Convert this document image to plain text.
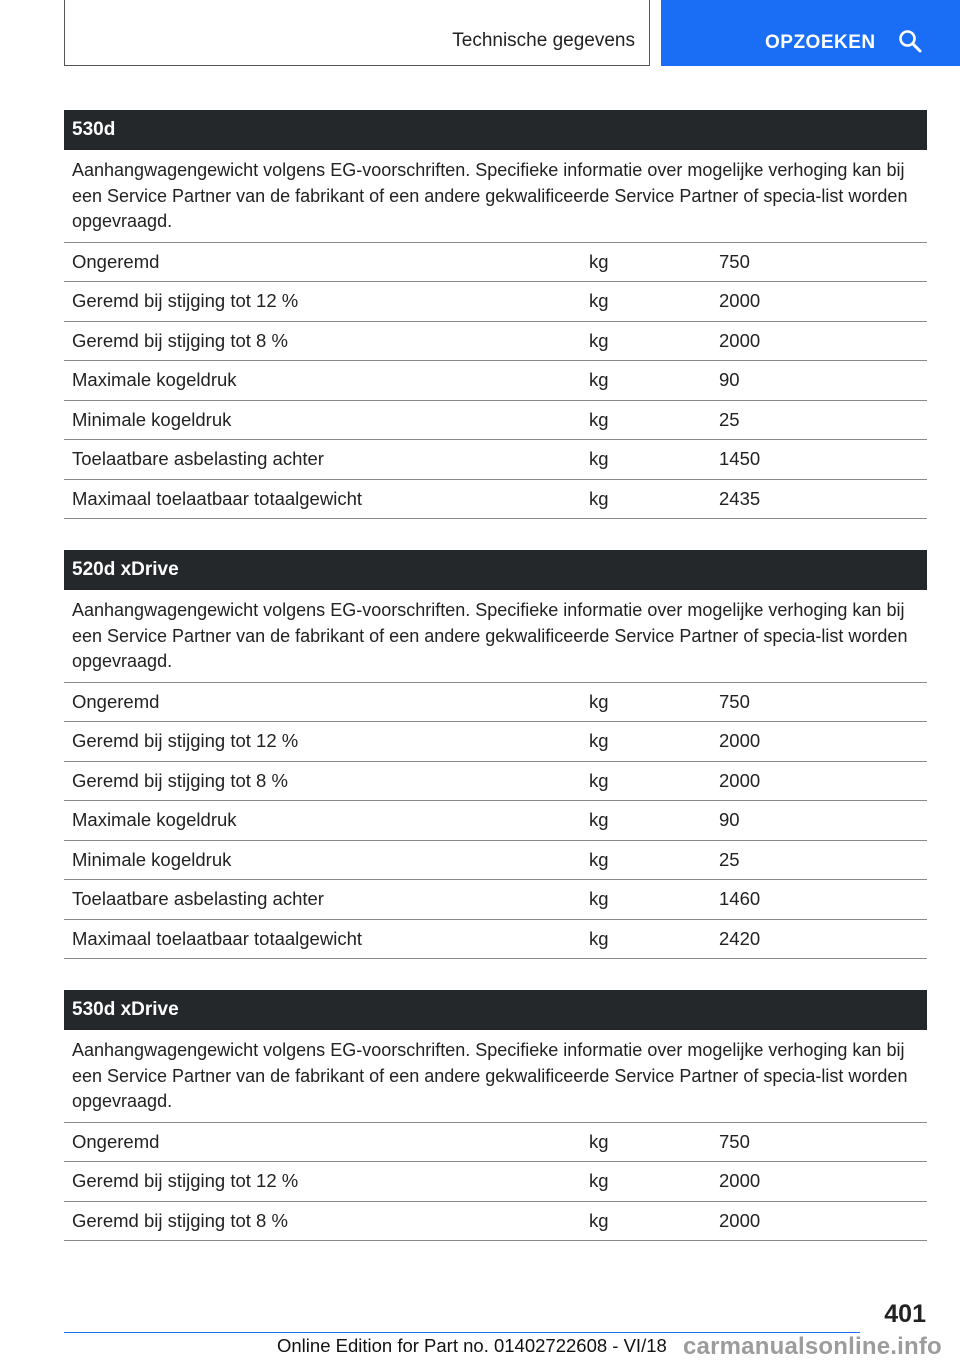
Technische gegevens	OPZOEKEN
530d
Aanhangwagengewicht volgens EG-voorschriften. Specifieke informatie over mogelijke verhoging kan bij een Service Partner van de fabrikant of een andere gekwalificeerde Service Partner of specia-list worden opgevraagd.
Ongeremd	kg	750
Geremd bij stijging tot 12 %	kg	2000
Geremd bij stijging tot 8 %	kg	2000
Maximale kogeldruk	kg	90
Minimale kogeldruk	kg	25
Toelaatbare asbelasting achter	kg	1450
Maximaal toelaatbaar totaalgewicht	kg	2435
520d xDrive
Aanhangwagengewicht volgens EG-voorschriften. Specifieke informatie over mogelijke verhoging kan bij een Service Partner van de fabrikant of een andere gekwalificeerde Service Partner of specia-list worden opgevraagd.
Ongeremd	kg	750
Geremd bij stijging tot 12 %	kg	2000
Geremd bij stijging tot 8 %	kg	2000
Maximale kogeldruk	kg	90
Minimale kogeldruk	kg	25
Toelaatbare asbelasting achter	kg	1460
Maximaal toelaatbaar totaalgewicht	kg	2420
530d xDrive
Aanhangwagengewicht volgens EG-voorschriften. Specifieke informatie over mogelijke verhoging kan bij een Service Partner van de fabrikant of een andere gekwalificeerde Service Partner of specia-list worden opgevraagd.
Ongeremd	kg	750
Geremd bij stijging tot 12 %	kg	2000
Geremd bij stijging tot 8 %	kg	2000
401
Online Edition for Part no. 01402722608 - VI/18 carmanualsonline.info
